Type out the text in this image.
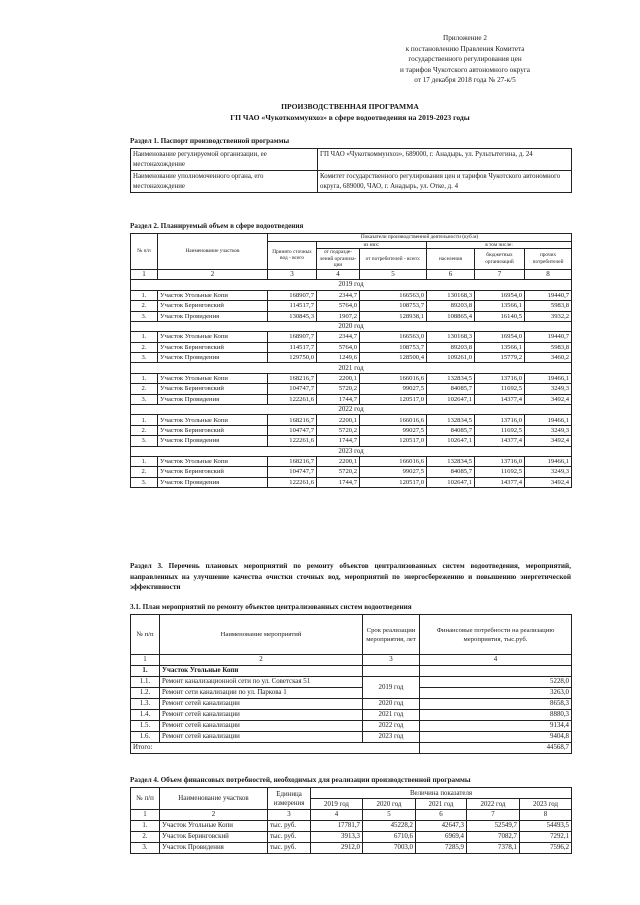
Приложение 2
к постановлению Правления Комитета
государственного регулирования цен
и тарифов Чукотского автономного округа
от 17 декабря 2018 года № 27-к/5
ПРОИЗВОДСТВЕННАЯ ПРОГРАММА
ГП ЧАО «Чукоткоммунхоз» в сфере водоотведения на 2019-2023 годы
Раздел 1. Паспорт производственной программы
Наименование регулируемой организации, ее местонахождение	ГП ЧАО «Чукоткоммунхоз», 689000, г. Анадырь, ул. Рультытегина, д. 24
Наименование уполномоченного органа, его местонахождение	Комитет государственного регулирования цен и тарифов Чукотского автономного округа, 689000, ЧАО, г. Анадырь, ул. Отке, д. 4
Раздел 2. Планируемый объем в сфере водоотведения
№ п/п	Наименование участков	Показатели производственной деятельности (куб.м)					
		Принято сточных вод - всего	из них:		в том числе:		
			от подразде-лений организа-ции	от потребителей - всего:	населения	бюджетных организаций	прочих потребителей

1	2	3	4	5	6	7	8
2019 год							
1.	Участок Угольные Копи	168907,7	2344,7	166563,0	130168,3	16954,0	19440,7
2.	Участок Беринговский	114517,7	5764,0	108753,7	89203,8	13566,1	5983,8
3.	Участок Провидения	130845,3	1907,2	128938,1	108865,4	16140,5	3932,2
2020 год							
1.	Участок Угольные Копи	168907,7	2344,7	166563,0	130168,3	16954,0	19440,7
2.	Участок Беринговский	114517,7	5764,0	108753,7	89203,8	13566,1	5983,8
3.	Участок Провидения	129750,0	1249,6	128500,4	109261,0	15779,2	3460,2
2021 год							
1.	Участок Угольные Копи	168216,7	2200,1	166016,6	132834,5	13716,0	19466,1
2.	Участок Беринговский	104747,7	5720,2	99027,5	84085,7	11692,5	3249,3
3.	Участок Провидения	122261,6	1744,7	120517,0	102647,1	14377,4	3492,4
2022 год							
1.	Участок Угольные Копи	168216,7	2200,1	166016,6	132834,5	13716,0	19466,1
2.	Участок Беринговский	104747,7	5720,2	99027,5	84085,7	11692,5	3249,3
3.	Участок Провидения	122261,6	1744,7	120517,0	102647,1	14377,4	3492,4
2023 год							
1.	Участок Угольные Копи	168216,7	2200,1	166016,6	132834,5	13716,0	19466,1
2.	Участок Беринговский	104747,7	5720,2	99027,5	84085,7	11692,5	3249,3
3.	Участок Провидения	122261,6	1744,7	120517,0	102647,1	14377,4	3492,4
Раздел 3. Перечень плановых мероприятий по ремонту объектов централизованных систем водоотведения, мероприятий, направленных на улучшение качества очистки сточных вод, мероприятий по энергосбережению и повышению энергетической эффективности
3.1. План мероприятий по ремонту объектов централизованных систем водоотведения
№ п/п	Наименование мероприятий	Срок реализации мероприятия, лет	Финансовые потребности на реализацию мероприятия, тыс.руб.
1	2	3	4
1.	Участок Угольные Копи		
1.1.	Ремонт канализационной сети по ул. Советская 51	2019 год	5228,0
1.2.	Ремонт сети канализации по ул. Паркова 1		3263,0
1.3.	Ремонт сетей канализации	2020 год	8658,3
1.4.	Ремонт сетей канализации	2021 год	8880,3
1.5.	Ремонт сетей канализации	2022 год	9134,4
1.6.	Ремонт сетей канализации	2023 год	9404,8
Итого:			44568,7
Раздел 4. Объем финансовых потребностей, необходимых для реализации производственной программы
№ п/п	Наименование участков	Единица измерения	Величина показателя				
			2019 год	2020 год	2021 год	2022 год	2023 год
1	2	3	4	5	6	7	8
1.	Участок Угольные Копи	тыс. руб.	17781,7	45228,2	42647,3	52549,7	54493,5
2.	Участок Беринговский	тыс. руб.	3913,3	6710,6	6969,4	7082,7	7292,1
3.	Участок Провидения	тыс. руб.	2912,0	7003,0	7285,9	7378,1	7596,2
